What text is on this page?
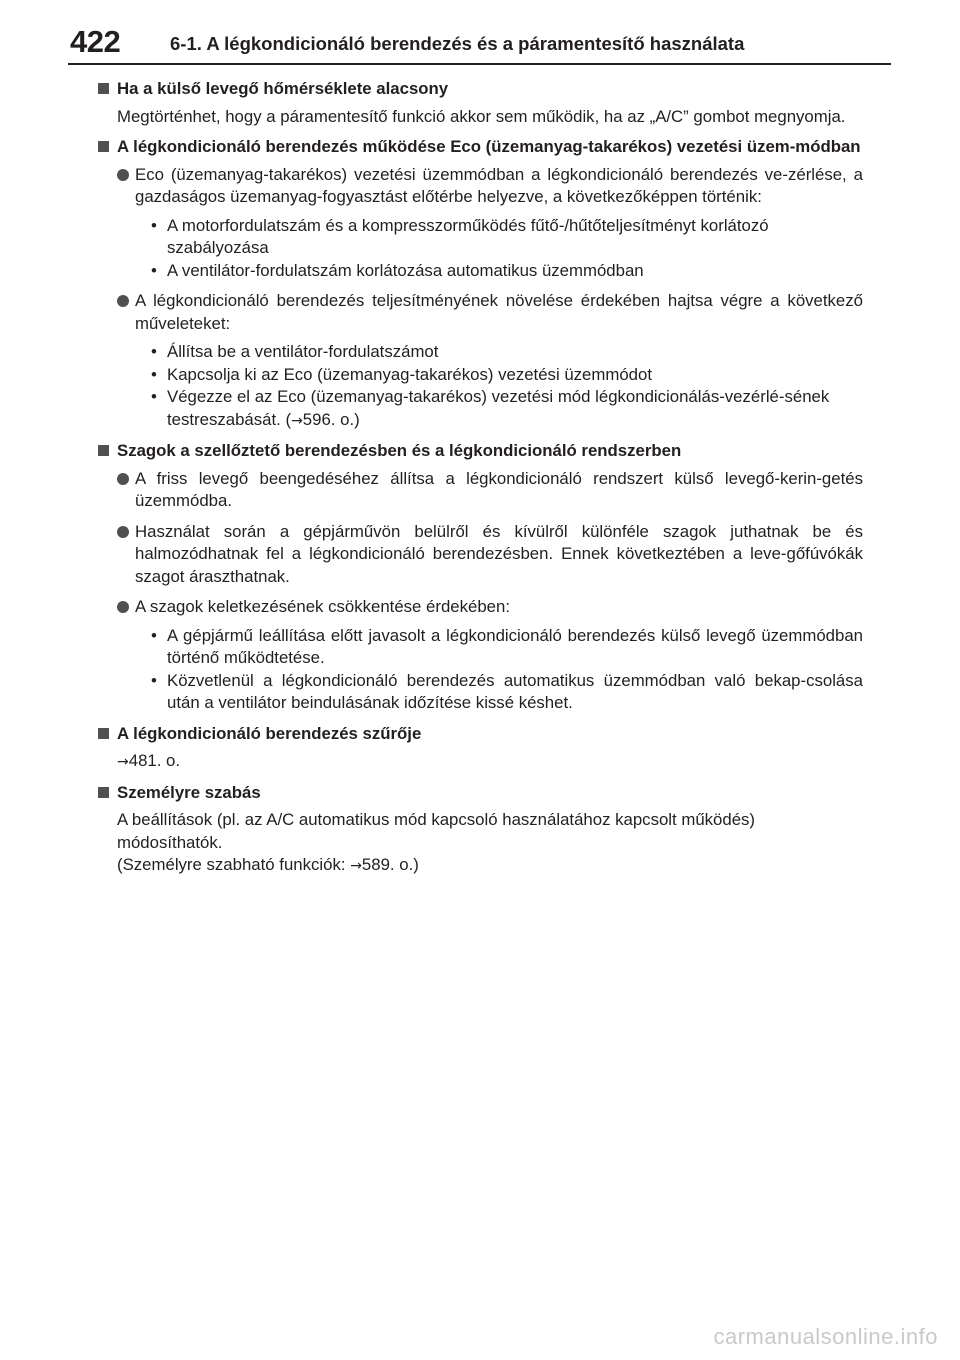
422	6-1. A légkondicionáló berendezés és a páramentesítő használata
Ha a külső levegő hőmérséklete alacsony
Megtörténhet, hogy a páramentesítő funkció akkor sem működik, ha az „A/C” gombot megnyomja.
A légkondicionáló berendezés működése Eco (üzemanyag-takarékos) vezetési üzem-módban
Eco (üzemanyag-takarékos) vezetési üzemmódban a légkondicionáló berendezés ve-zérlése, a gazdaságos üzemanyag-fogyasztást előtérbe helyezve, a következőképpen történik:
• A motorfordulatszám és a kompresszorműködés fűtő-/hűtőteljesítményt korlátozó szabályozása
• A ventilátor-fordulatszám korlátozása automatikus üzemmódban
A légkondicionáló berendezés teljesítményének növelése érdekében hajtsa végre a következő műveleteket:
• Állítsa be a ventilátor-fordulatszámot
• Kapcsolja ki az Eco (üzemanyag-takarékos) vezetési üzemmódot
• Végezze el az Eco (üzemanyag-takarékos) vezetési mód légkondicionálás-vezérlé-sének testreszabását. (→596. o.)
Szagok a szellőztető berendezésben és a légkondicionáló rendszerben
A friss levegő beengedéséhez állítsa a légkondicionáló rendszert külső levegő-kerin-getés üzemmódba.
Használat során a gépjárművön belülről és kívülről különféle szagok juthatnak be és halmozódhatnak fel a légkondicionáló berendezésben. Ennek következtében a leve-gőfúvókák szagot áraszthatnak.
A szagok keletkezésének csökkentése érdekében:
• A gépjármű leállítása előtt javasolt a légkondicionáló berendezés külső levegő üzemmódban történő működtetése.
• Közvetlenül a légkondicionáló berendezés automatikus üzemmódban való bekap-csolása után a ventilátor beindulásának időzítése kissé késhet.
A légkondicionáló berendezés szűrője
→481. o.
Személyre szabás
A beállítások (pl. az A/C automatikus mód kapcsoló használatához kapcsolt működés) módosíthatók.
(Személyre szabható funkciók: →589. o.)
carmanualsonline.info
